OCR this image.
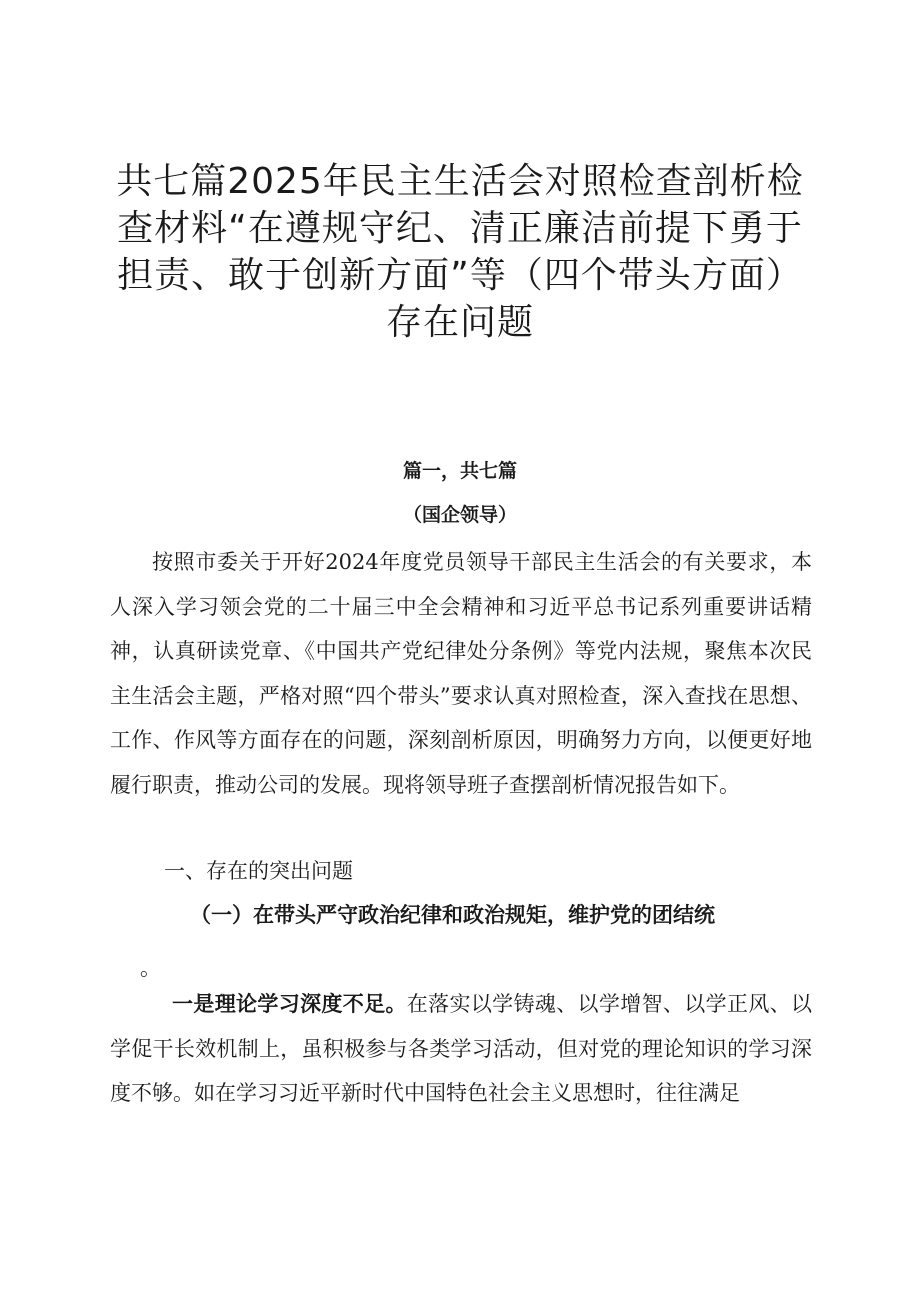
共七篇2025年民主生活会对照检查剖析检查材料“在遵规守纪、清正廉洁前提下勇于担责、敢于创新方面”等（四个带头方面）存在问题

篇一，共七篇

（国企领导）

按照市委关于开好2024年度党员领导干部民主生活会的有关要求，本人深入学习领会党的二十届三中全会精神和习近平总书记系列重要讲话精神，认真研读党章、《中国共产党纪律处分条例》等党内法规，聚焦本次民主生活会主题，严格对照“四个带头”要求认真对照检查，深入查找在思想、工作、作风等方面存在的问题，深刻剖析原因，明确努力方向，以便更好地履行职责，推动公司的发展。现将领导班子查摆剖析情况报告如下。

一、存在的突出问题

（一）在带头严守政治纪律和政治规矩，维护党的团结统

。

一是理论学习深度不足。在落实以学铸魂、以学增智、以学正风、以学促干长效机制上，虽积极参与各类学习活动，但对党的理论知识的学习深度不够。如在学习习近平新时代中国特色社会主义思想时，往往满足
